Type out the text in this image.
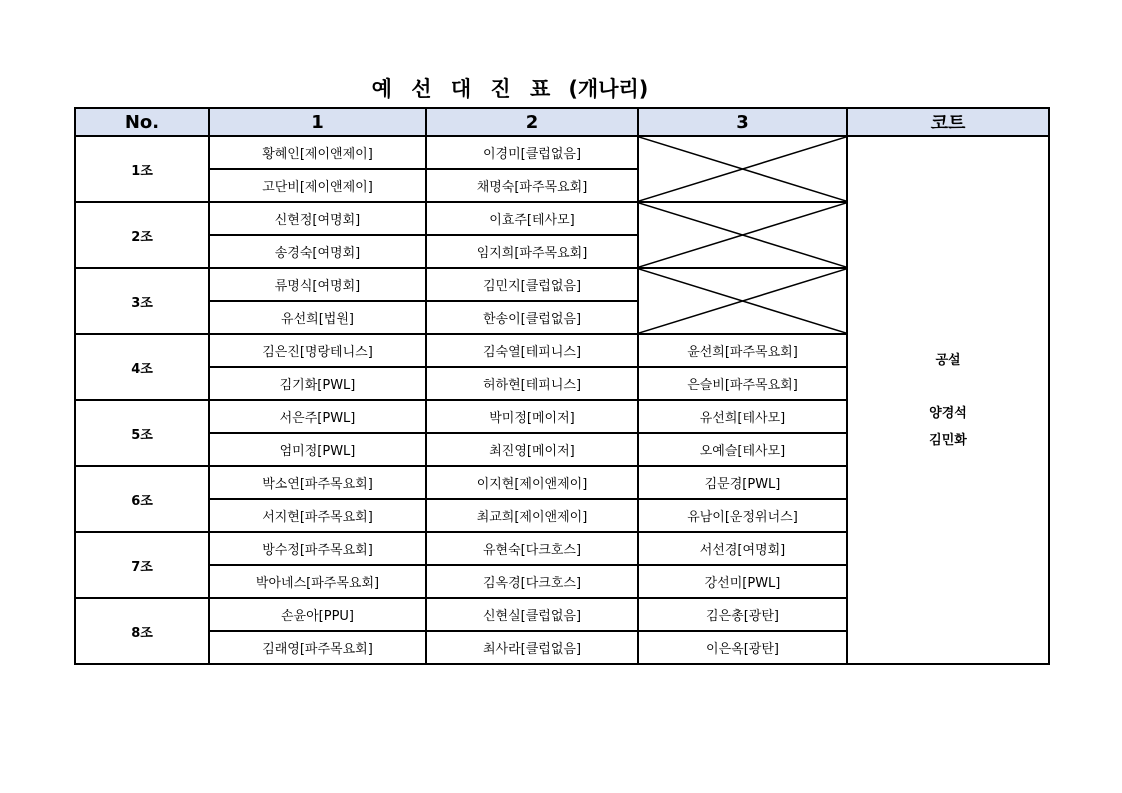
예 선 대 진 표 (개나리)
No.	1	2	3	코트
1조	황혜인[제이앤제이]	이경미[클럽없음]		공설
양경석
김민화

	고단비[제이앤제이]	채명숙[파주목요회]		
2조	신현정[여명회]	이효주[테사모]	

	송경숙[여명회]	임지희[파주목요회]		
3조	류명식[여명회]	김민지[클럽없음]	

	유선희[법원]	한송이[클럽없음]		
4조	김은진[명랑테니스]	김숙열[테피니스]	윤선희[파주목요회]	
	김기화[PWL]	허하현[테피니스]	은슬비[파주목요회]	
5조	서은주[PWL]	박미정[메이저]	유선희[테사모]	
	엄미정[PWL]	최진영[메이저]	오예슬[테사모]	
6조	박소연[파주목요회]	이지현[제이앤제이]	김문경[PWL]	
	서지현[파주목요회]	최교희[제이앤제이]	유남이[운정위너스]	
7조	방수정[파주목요회]	유현숙[다크호스]	서선경[여명회]	
	박아네스[파주목요회]	김옥경[다크호스]	강선미[PWL]	
8조	손윤아[PPU]	신현실[클럽없음]	김은총[광탄]	
	김래영[파주목요회]	최사라[클럽없음]	이은옥[광탄]	
